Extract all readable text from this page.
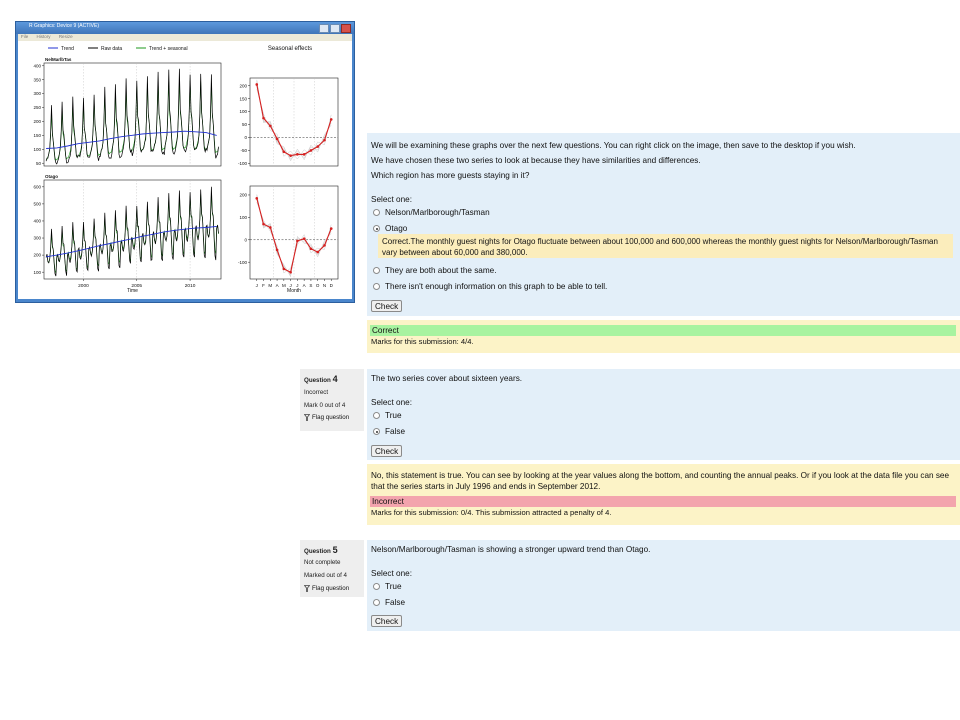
R Graphics: Device 9 (ACTIVE)
File History Resize
Trend	Raw data	Trend + seasonal	Seasonal effects
NelMarlbTas
Otago
50
100
150
200
250
300
350
400
-100
-50
0
50
100
150
200
100
200
300
400
500
600
2000	2005	2010
Time
-100
0
100
200
J F M A M J J A S O N D
Month
We will be examining these graphs over the next few questions. You can right click on the image, then save to the desktop if you wish.
We have chosen these two series to look at because they have similarities and differences.
Which region has more guests staying in it?
Select one:
Nelson/Marlborough/Tasman
Otago
Correct.The monthly guest nights for Otago fluctuate between about 100,000 and 600,000 whereas the monthly guest nights for Nelson/Marlborough/Tasman
vary between about 60,000 and 380,000.
They are both about the same.
There isn't enough information on this graph to be able to tell.
Check
Correct
Marks for this submission: 4/4.
Question 4
Incorrect
Mark 0 out of 4
Flag question
The two series cover about sixteen years.
Select one:
True
False
Check
No, this statement is true. You can see by looking at the year values along the bottom, and counting the annual peaks. Or if you look at the data file you can see
that the series starts in July 1996 and ends in September 2012.
Incorrect
Marks for this submission: 0/4. This submission attracted a penalty of 4.
Question 5
Not complete
Marked out of 4
Flag question
Nelson/Marlborough/Tasman is showing a stronger upward trend than Otago.
Select one:
True
False
Check
